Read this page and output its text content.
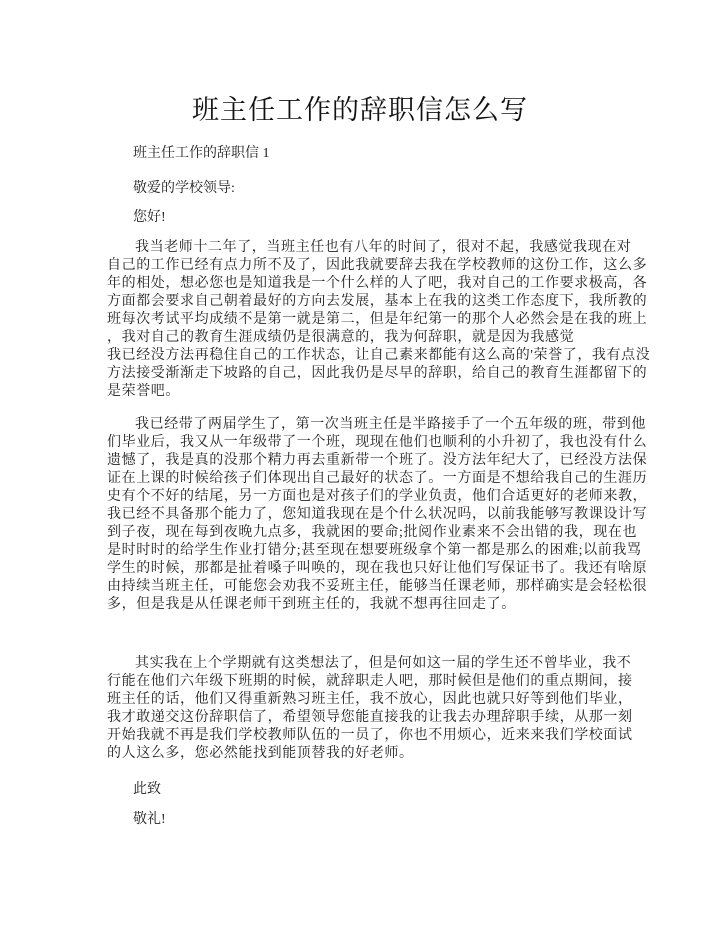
班主任工作的辞职信怎么写
班主任工作的辞职信 1
敬爱的学校领导:
您好!
我当老师十二年了，当班主任也有八年的时间了，很对不起，我感觉我现在对
自己的工作已经有点力所不及了，因此我就要辞去我在学校教师的这份工作，这么多
年的相处，想必您也是知道我是一个什么样的人了吧，我对自己的工作要求极高，各
方面都会要求自己朝着最好的方向去发展，基本上在我的这类工作态度下，我所教的
班每次考试平均成绩不是第一就是第二，但是年纪第一的那个人必然会是在我的班上
，我对自己的教育生涯成绩仍是很满意的，我为何辞职，就是因为我感觉
我已经没方法再稳住自己的工作状态，让自己素来都能有这么高的'荣誉了，我有点没
方法接受渐渐走下坡路的自己，因此我仍是尽早的辞职，给自己的教育生涯都留下的
是荣誉吧。
我已经带了两届学生了，第一次当班主任是半路接手了一个五年级的班，带到他
们毕业后，我又从一年级带了一个班，现现在他们也顺利的小升初了，我也没有什么
遗憾了，我是真的没那个精力再去重新带一个班了。没方法年纪大了，已经没方法保
证在上课的时候给孩子们体现出自己最好的状态了。一方面是不想给我自己的生涯历
史有个不好的结尾，另一方面也是对孩子们的学业负责，他们合适更好的老师来教，
我已经不具备那个能力了，您知道我现在是个什么状况吗，以前我能够写教课设计写
到子夜，现在每到夜晚九点多，我就困的要命;批阅作业素来不会出错的我，现在也
是时时时的给学生作业打错分;甚至现在想要班级拿个第一都是那么的困难;以前我骂
学生的时候，那都是扯着嗓子叫唤的，现在我也只好让他们写保证书了。我还有啥原
由持续当班主任，可能您会劝我不妥班主任，能够当任课老师，那样确实是会轻松很
多，但是我是从任课老师干到班主任的，我就不想再往回走了。
其实我在上个学期就有这类想法了，但是何如这一届的学生还不曾毕业，我不
行能在他们六年级下班期的时候，就辞职走人吧，那时候但是他们的重点期间，接
班主任的话，他们又得重新熟习班主任，我不放心，因此也就只好等到他们毕业，
我才敢递交这份辞职信了，希望领导您能直接我的让我去办理辞职手续，从那一刻
开始我就不再是我们学校教师队伍的一员了，你也不用烦心，近来来我们学校面试
的人这么多，您必然能找到能顶替我的好老师。
此致
敬礼!
